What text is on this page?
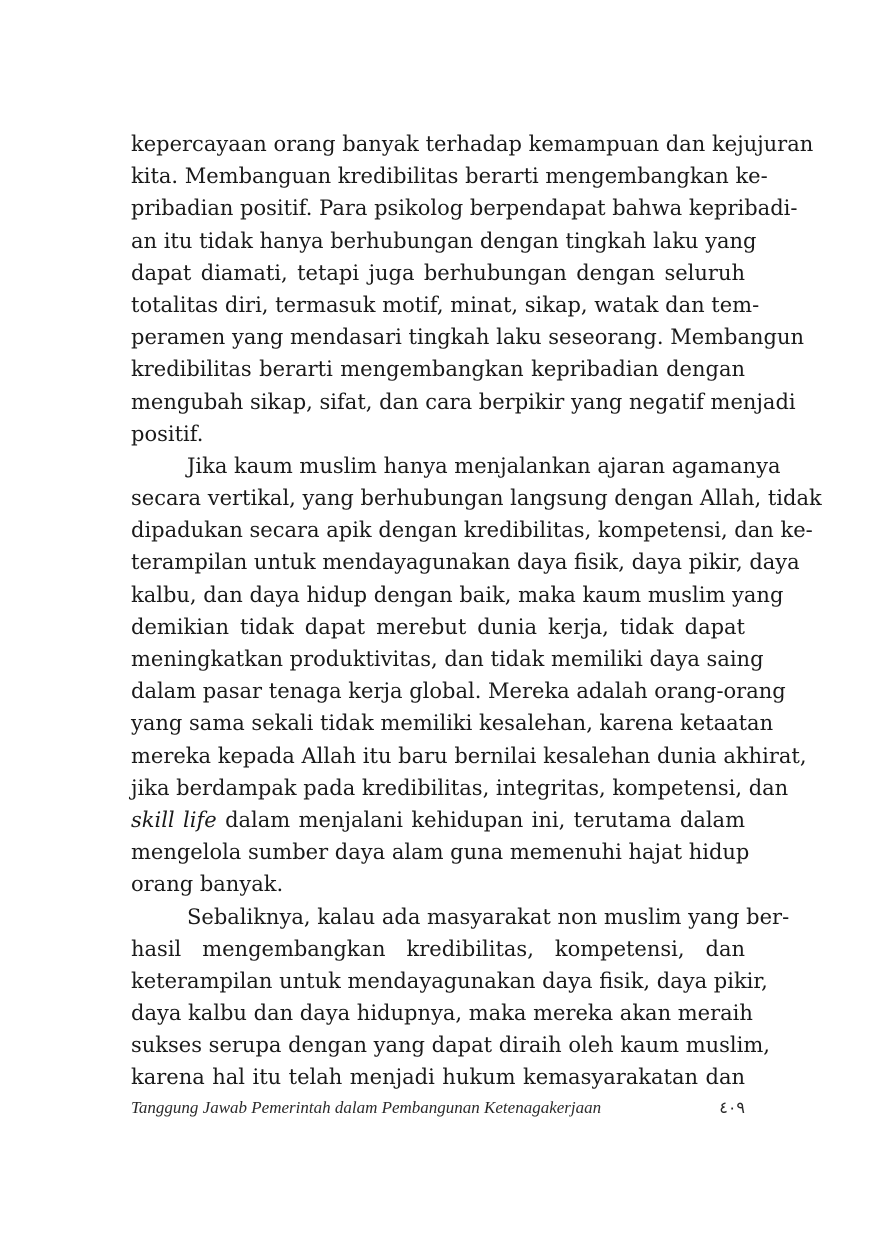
kepercayaan orang banyak terhadap kemampuan dan kejujuran
kita. Membanguan kredibilitas berarti mengembangkan ke-
pribadian positif. Para psikolog berpendapat bahwa kepribadi-
an itu tidak hanya berhubungan dengan tingkah laku yang
dapat diamati, tetapi juga berhubungan dengan seluruh
totalitas diri, termasuk motif, minat, sikap, watak dan tem-
peramen yang mendasari tingkah laku seseorang. Membangun
kredibilitas berarti mengembangkan kepribadian dengan
mengubah sikap, sifat, dan cara berpikir yang negatif menjadi
positif.
Jika kaum muslim hanya menjalankan ajaran agamanya
secara vertikal, yang berhubungan langsung dengan Allah, tidak
dipadukan secara apik dengan kredibilitas, kompetensi, dan ke-
terampilan untuk mendayagunakan daya fisik, daya pikir, daya
kalbu, dan daya hidup dengan baik, maka kaum muslim yang
demikian tidak dapat merebut dunia kerja, tidak dapat
meningkatkan produktivitas, dan tidak memiliki daya saing
dalam pasar tenaga kerja global. Mereka adalah orang-orang
yang sama sekali tidak memiliki kesalehan, karena ketaatan
mereka kepada Allah itu baru bernilai kesalehan dunia akhirat,
jika berdampak pada kredibilitas, integritas, kompetensi, dan
skill life dalam menjalani kehidupan ini, terutama dalam
mengelola sumber daya alam guna memenuhi hajat hidup
orang banyak.
Sebaliknya, kalau ada masyarakat non muslim yang ber-
hasil mengembangkan kredibilitas, kompetensi, dan
keterampilan untuk mendayagunakan daya fisik, daya pikir,
daya kalbu dan daya hidupnya, maka mereka akan meraih
sukses serupa dengan yang dapat diraih oleh kaum muslim,
karena hal itu telah menjadi hukum kemasyarakatan dan
Tanggung Jawab Pemerintah dalam Pembangunan Ketenagakerjaan	٤٠٩
